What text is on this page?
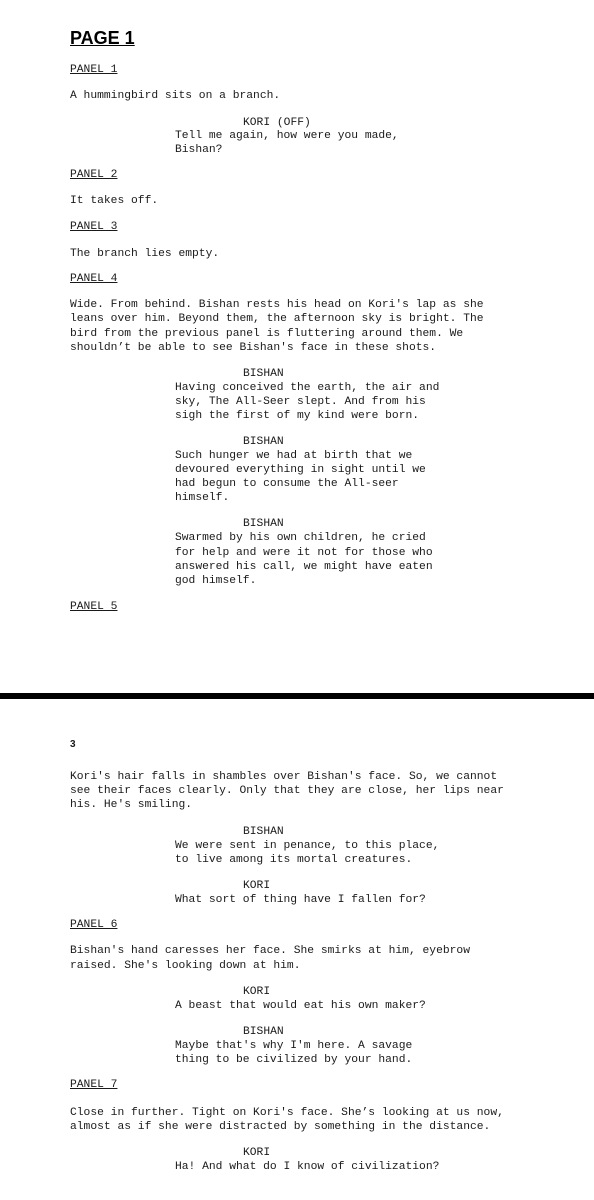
PAGE 1
PANEL 1
A hummingbird sits on a branch.
KORI (OFF)
Tell me again, how were you made,
Bishan?
PANEL 2
It takes off.
PANEL 3
The branch lies empty.
PANEL 4
Wide. From behind. Bishan rests his head on Kori's lap as she
leans over him. Beyond them, the afternoon sky is bright. The
bird from the previous panel is fluttering around them. We
shouldn’t be able to see Bishan's face in these shots.
BISHAN
Having conceived the earth, the air and
sky, The All-Seer slept. And from his
sigh the first of my kind were born.
BISHAN
Such hunger we had at birth that we
devoured everything in sight until we
had begun to consume the All-seer
himself.
BISHAN
Swarmed by his own children, he cried
for help and were it not for those who
answered his call, we might have eaten
god himself.
PANEL 5
3
Kori's hair falls in shambles over Bishan's face. So, we cannot
see their faces clearly. Only that they are close, her lips near
his. He's smiling.
BISHAN
We were sent in penance, to this place,
to live among its mortal creatures.
KORI
What sort of thing have I fallen for?
PANEL 6
Bishan's hand caresses her face. She smirks at him, eyebrow
raised. She's looking down at him.
KORI
A beast that would eat his own maker?
BISHAN
Maybe that's why I'm here. A savage
thing to be civilized by your hand.
PANEL 7
Close in further. Tight on Kori's face. She’s looking at us now,
almost as if she were distracted by something in the distance.
KORI
Ha! And what do I know of civilization?
